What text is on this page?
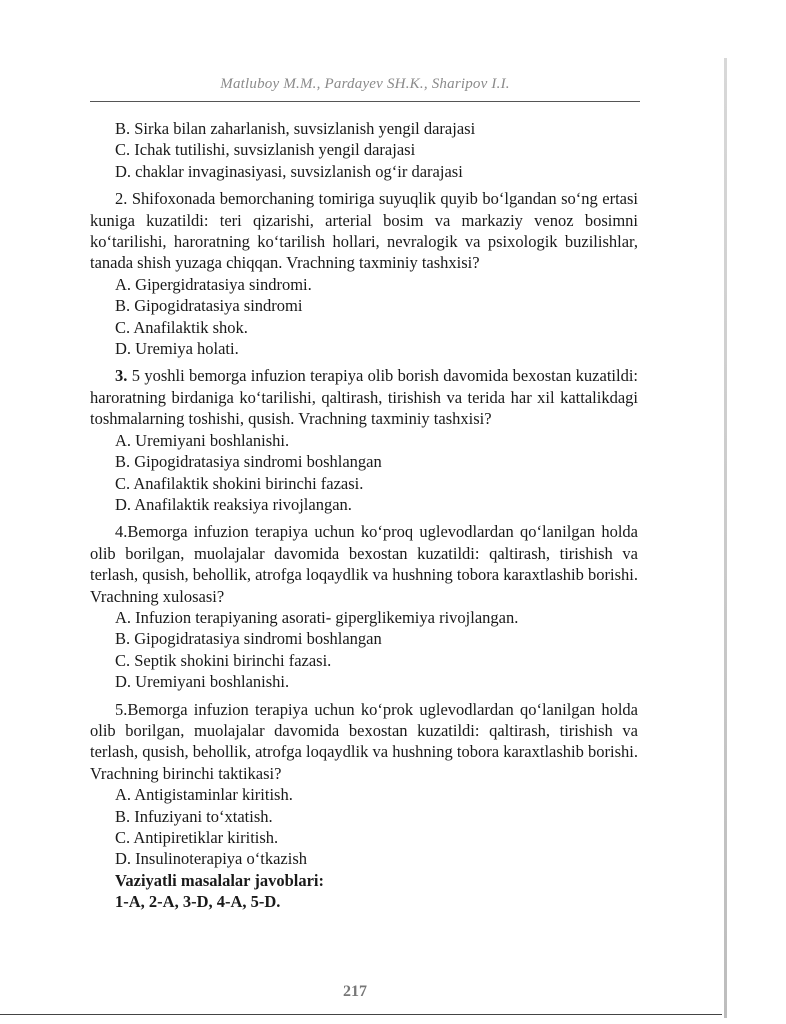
Matluboy M.M., Pardayev SH.K., Sharipov I.I.
B. Sirka bilan zaharlanish, suvsizlanish yengil darajasi
C. Ichak tutilishi, suvsizlanish yengil darajasi
D. chaklar invaginasiyasi, suvsizlanish og‘ir darajasi
2. Shifoxonada bemorchaning tomiriga suyuqlik quyib bo‘lgandan so‘ng ertasi kuniga kuzatildi: teri qizarishi, arterial bosim va markaziy venoz bosimni ko‘tarilishi, haroratning ko‘tarilish hollari, nevralogik va psixologik buzilishlar, tanada shish yuzaga chiqqan. Vrachning taxminiy tashxisi?
A. Gipergidratasiya sindromi.
B. Gipogidratasiya sindromi
C. Anafilaktik shok.
D. Uremiya holati.
3. 5 yoshli bemorga infuzion terapiya olib borish davomida bexostan kuzatildi: haroratning birdaniga ko‘tarilishi, qaltirash, tirishish va terida har xil kattalikdagi toshmalarning toshishi, qusish. Vrachning taxminiy tashxisi?
A. Uremiyani boshlanishi.
B. Gipogidratasiya sindromi boshlangan
C. Anafilaktik shokini birinchi fazasi.
D. Anafilaktik reaksiya rivojlangan.
4.Bemorga infuzion terapiya uchun ko‘proq uglevodlardan qo‘lanilgan holda olib borilgan, muolajalar davomida bexostan kuzatildi: qaltirash, tirishish va terlash, qusish, behollik, atrofga loqaydlik va hushning tobora karaxtlashib borishi. Vrachning xulosasi?
A. Infuzion terapiyaning asorati- giperglikemiya rivojlangan.
B. Gipogidratasiya sindromi boshlangan
C. Septik shokini birinchi fazasi.
D. Uremiyani boshlanishi.
5.Bemorga infuzion terapiya uchun ko‘prok uglevodlardan qo‘lanilgan holda olib borilgan, muolajalar davomida bexostan kuzatildi: qaltirash, tirishish va terlash, qusish, behollik, atrofga loqaydlik va hushning tobora karaxtlashib borishi. Vrachning birinchi taktikasi?
A. Antigistaminlar kiritish.
B. Infuziyani to‘xtatish.
C. Antipiretiklar kiritish.
D. Insulinoterapiya o‘tkazish
Vaziyatli masalalar javoblari:
1-A, 2-A, 3-D, 4-A, 5-D.
217
